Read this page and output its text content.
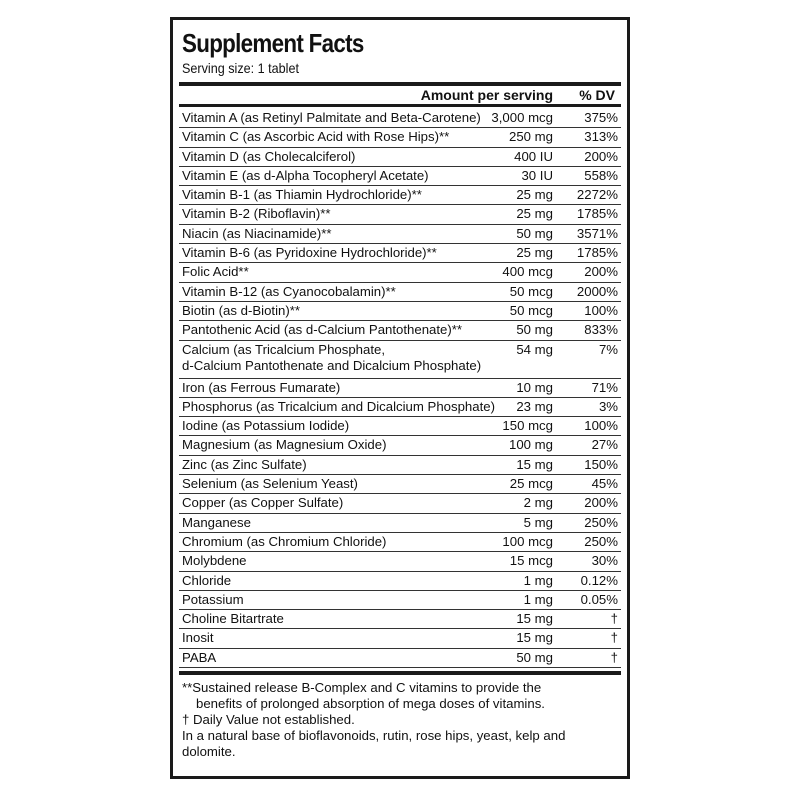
Supplement Facts
Serving size: 1 tablet
Amount per serving % DV
Vitamin A (as Retinyl Palmitate and Beta-Carotene) 3,000 mcg 375%
Vitamin C (as Ascorbic Acid with Rose Hips)**	250 mg 313%
Vitamin D (as Cholecalciferol)	400 IU 200%
Vitamin E (as d-Alpha Tocopheryl Acetate)	30 IU 558%
Vitamin B-1 (as Thiamin Hydrochloride)**	25 mg 2272%
Vitamin B-2 (Riboflavin)**	25 mg 1785%
Niacin (as Niacinamide)**	50 mg 3571%
Vitamin B-6 (as Pyridoxine Hydrochloride)**	25 mg 1785%
Folic Acid**	400 mcg 200%
Vitamin B-12 (as Cyanocobalamin)**	50 mcg 2000%
Biotin (as d-Biotin)**	50 mcg 100%
Pantothenic Acid (as d-Calcium Pantothenate)**	50 mg 833%
Calcium (as Tricalcium Phosphate,
d-Calcium Pantothenate and Dicalcium Phosphate)
54 mg	7%
Iron (as Ferrous Fumarate)	10 mg	71%
Phosphorus (as Tricalcium and Dicalcium Phosphate) 23 mg	3%
Iodine (as Potassium Iodide)	150 mcg 100%
Magnesium (as Magnesium Oxide)	100 mg	27%
Zinc (as Zinc Sulfate)	15 mg 150%
Selenium (as Selenium Yeast)	25 mcg	45%
Copper (as Copper Sulfate)	2 mg 200%
Manganese	5 mg 250%
Chromium (as Chromium Chloride)	100 mcg 250%
Molybdene	15 mcg	30%
Chloride	1 mg 0.12%
Potassium	1 mg 0.05%
Choline Bitartrate	15 mg	†
Inosit	15 mg	†
PABA	50 mg	†
**Sustained release B-Complex and C vitamins to provide the
benefits of prolonged absorption of mega doses of vitamins.
† Daily Value not established.
In a natural base of bioflavonoids, rutin, rose hips, yeast, kelp and
dolomite.
